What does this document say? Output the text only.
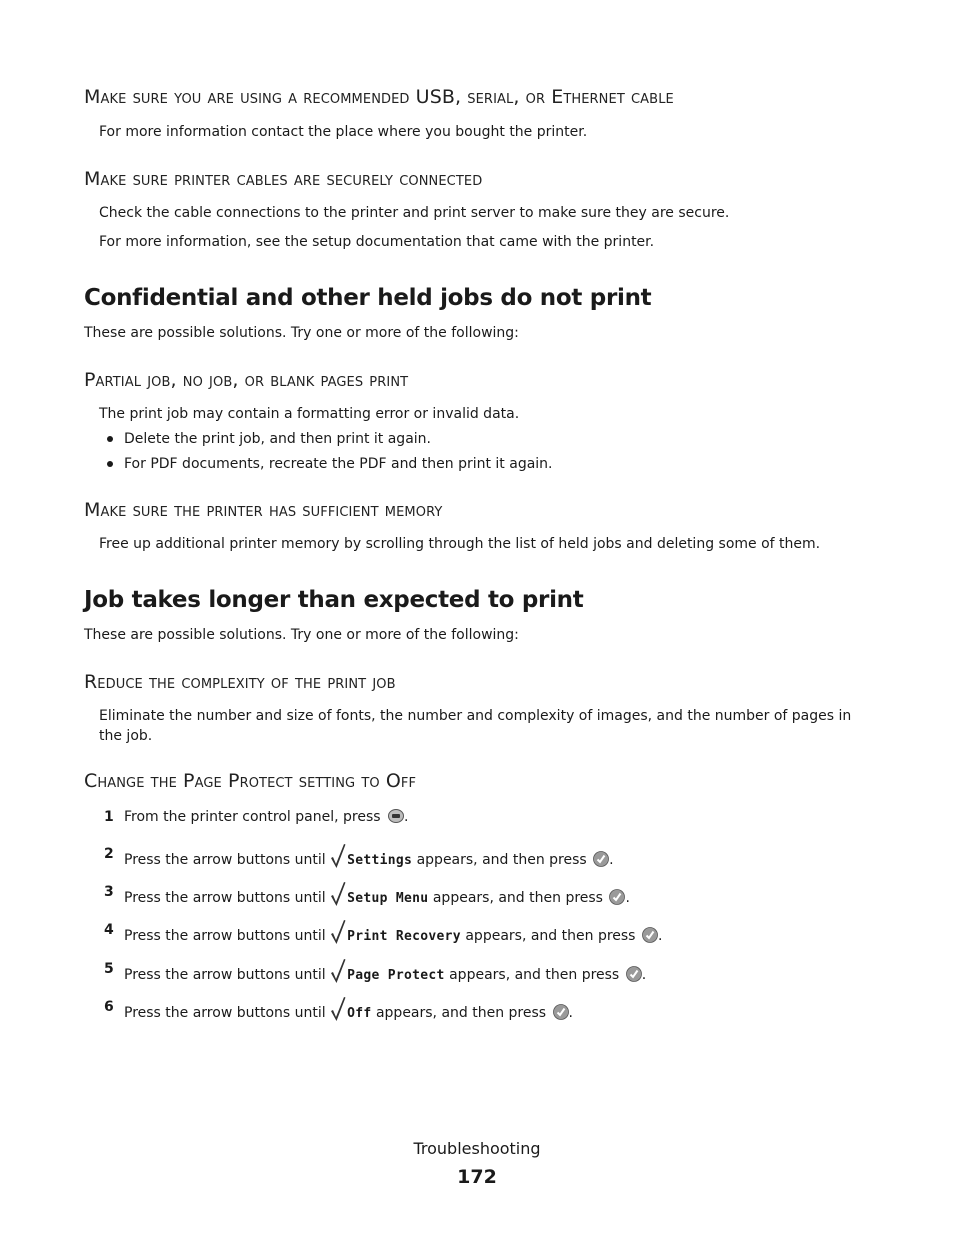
Make sure you are using a recommended USB, serial, or Ethernet cable
For more information contact the place where you bought the printer.
Make sure printer cables are securely connected
Check the cable connections to the printer and print server to make sure they are secure.
For more information, see the setup documentation that came with the printer.
Confidential and other held jobs do not print
These are possible solutions. Try one or more of the following:
Partial job, no job, or blank pages print
The print job may contain a formatting error or invalid data.
Delete the print job, and then print it again.
For PDF documents, recreate the PDF and then print it again.
Make sure the printer has sufficient memory
Free up additional printer memory by scrolling through the list of held jobs and deleting some of them.
Job takes longer than expected to print
These are possible solutions. Try one or more of the following:
Reduce the complexity of the print job
Eliminate the number and size of fonts, the number and complexity of images, and the number of pages in the job.
Change the Page Protect setting to Off
1 From the printer control panel, press .
2 Press the arrow buttons until Settings appears, and then press .
3 Press the arrow buttons until Setup Menu appears, and then press .
4 Press the arrow buttons until Print Recovery appears, and then press .
5 Press the arrow buttons until Page Protect appears, and then press .
6 Press the arrow buttons until Off appears, and then press .
Troubleshooting
172
